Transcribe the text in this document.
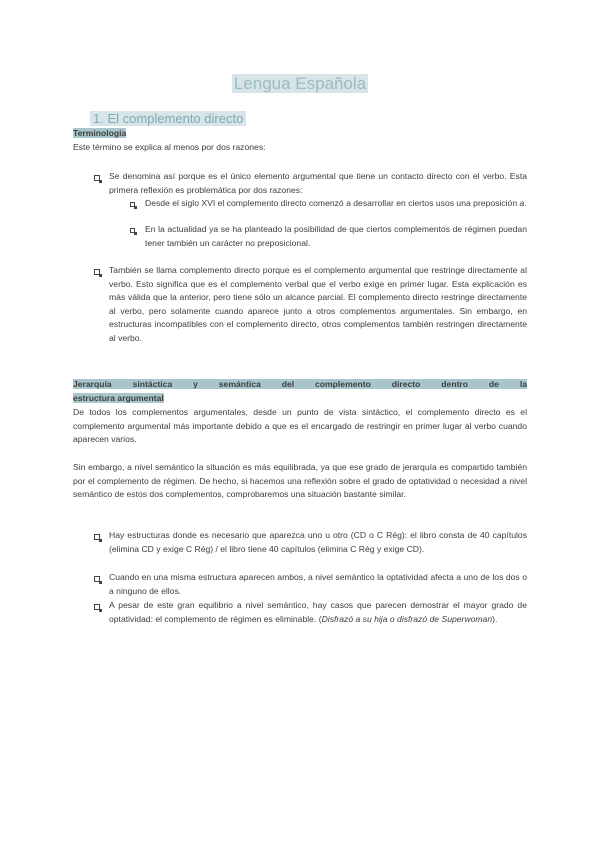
Lengua Española
1. El complemento directo
Terminología
Este término se explica al menos por dos razones:
Se denomina así porque es el único elemento argumental que tiene un contacto directo con el verbo. Esta primera reflexión es problemática por dos razones:
Desde el siglo XVI el complemento directo comenzó a desarrollar en ciertos usos una preposición a.
En la actualidad ya se ha planteado la posibilidad de que ciertos complementos de régimen puedan tener también un carácter no preposicional.
También se llama complemento directo porque es el complemento argumental que restringe directamente al verbo. Esto significa que es el complemento verbal que el verbo exige en primer lugar. Esta explicación es más válida que la anterior, pero tiene sólo un alcance parcial. El complemento directo restringe directamente al verbo, pero solamente cuando aparece junto a otros complementos argumentales. Sin embargo, en estructuras incompatibles con el complemento directo, otros complementos también restringen directamente al verbo.
Jerarquía sintáctica y semántica del complemento directo dentro de la
estructura argumental
De todos los complementos argumentales, desde un punto de vista sintáctico, el complemento directo es el complemento argumental más importante debido a que es el encargado de restringir en primer lugar al verbo cuando aparecen varios.
Sin embargo, a nivel semántico la situación es más equilibrada, ya que ese grado de jerarquía es compartido también por el complemento de régimen. De hecho, si hacemos una reflexión sobre el grado de optatividad o necesidad a nivel semántico de estos dos complementos, comprobaremos una situación bastante similar.
Hay estructuras donde es necesario que aparezca uno u otro (CD o C Rég): el libro consta de 40 capítulos (elimina CD y exige C Rég) / el libro tiene 40 capítulos (elimina C Rég y exige CD).
Cuando en una misma estructura aparecen ambos, a nivel semántico la optatividad afecta a uno de los dos o a ninguno de ellos.
A pesar de este gran equilibrio a nivel semántico, hay casos que parecen demostrar el mayor grado de optatividad: el complemento de régimen es eliminable. (Disfrazó a su hija o disfrazó de Superwoman).
